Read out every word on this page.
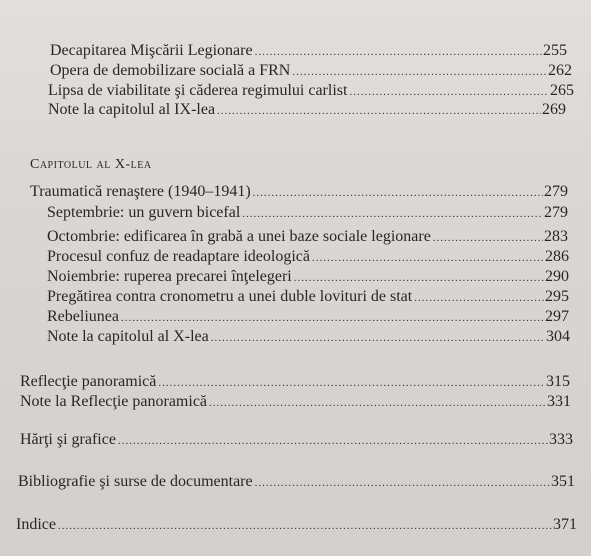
Decapitarea Mişcării Legionare .....	255
Opera de demobilizare socială a FRN .....	262
Lipsa de viabilitate şi căderea regimului carlist .....	265
Note la capitolul al IX-lea .....	269
Capitolul al X-lea
Traumatică renaştere (1940–1941) .....	279
Septembrie: un guvern bicefal .....	279
Octombrie: edificarea în grabă a unei baze sociale legionare .....	283
Procesul confuz de readaptare ideologică .....	286
Noiembrie: ruperea precarei înţelegeri .....	290
Pregătirea contra cronometru a unei duble lovituri de stat .....	295
Rebeliunea .....	297
Note la capitolul al X-lea .....	304
Reflecţie panoramică .....	315
Note la Reflecţie panoramică .....	331
Hărţi şi grafice .....	333
Bibliografie şi surse de documentare .....	351
Indice .....	371
